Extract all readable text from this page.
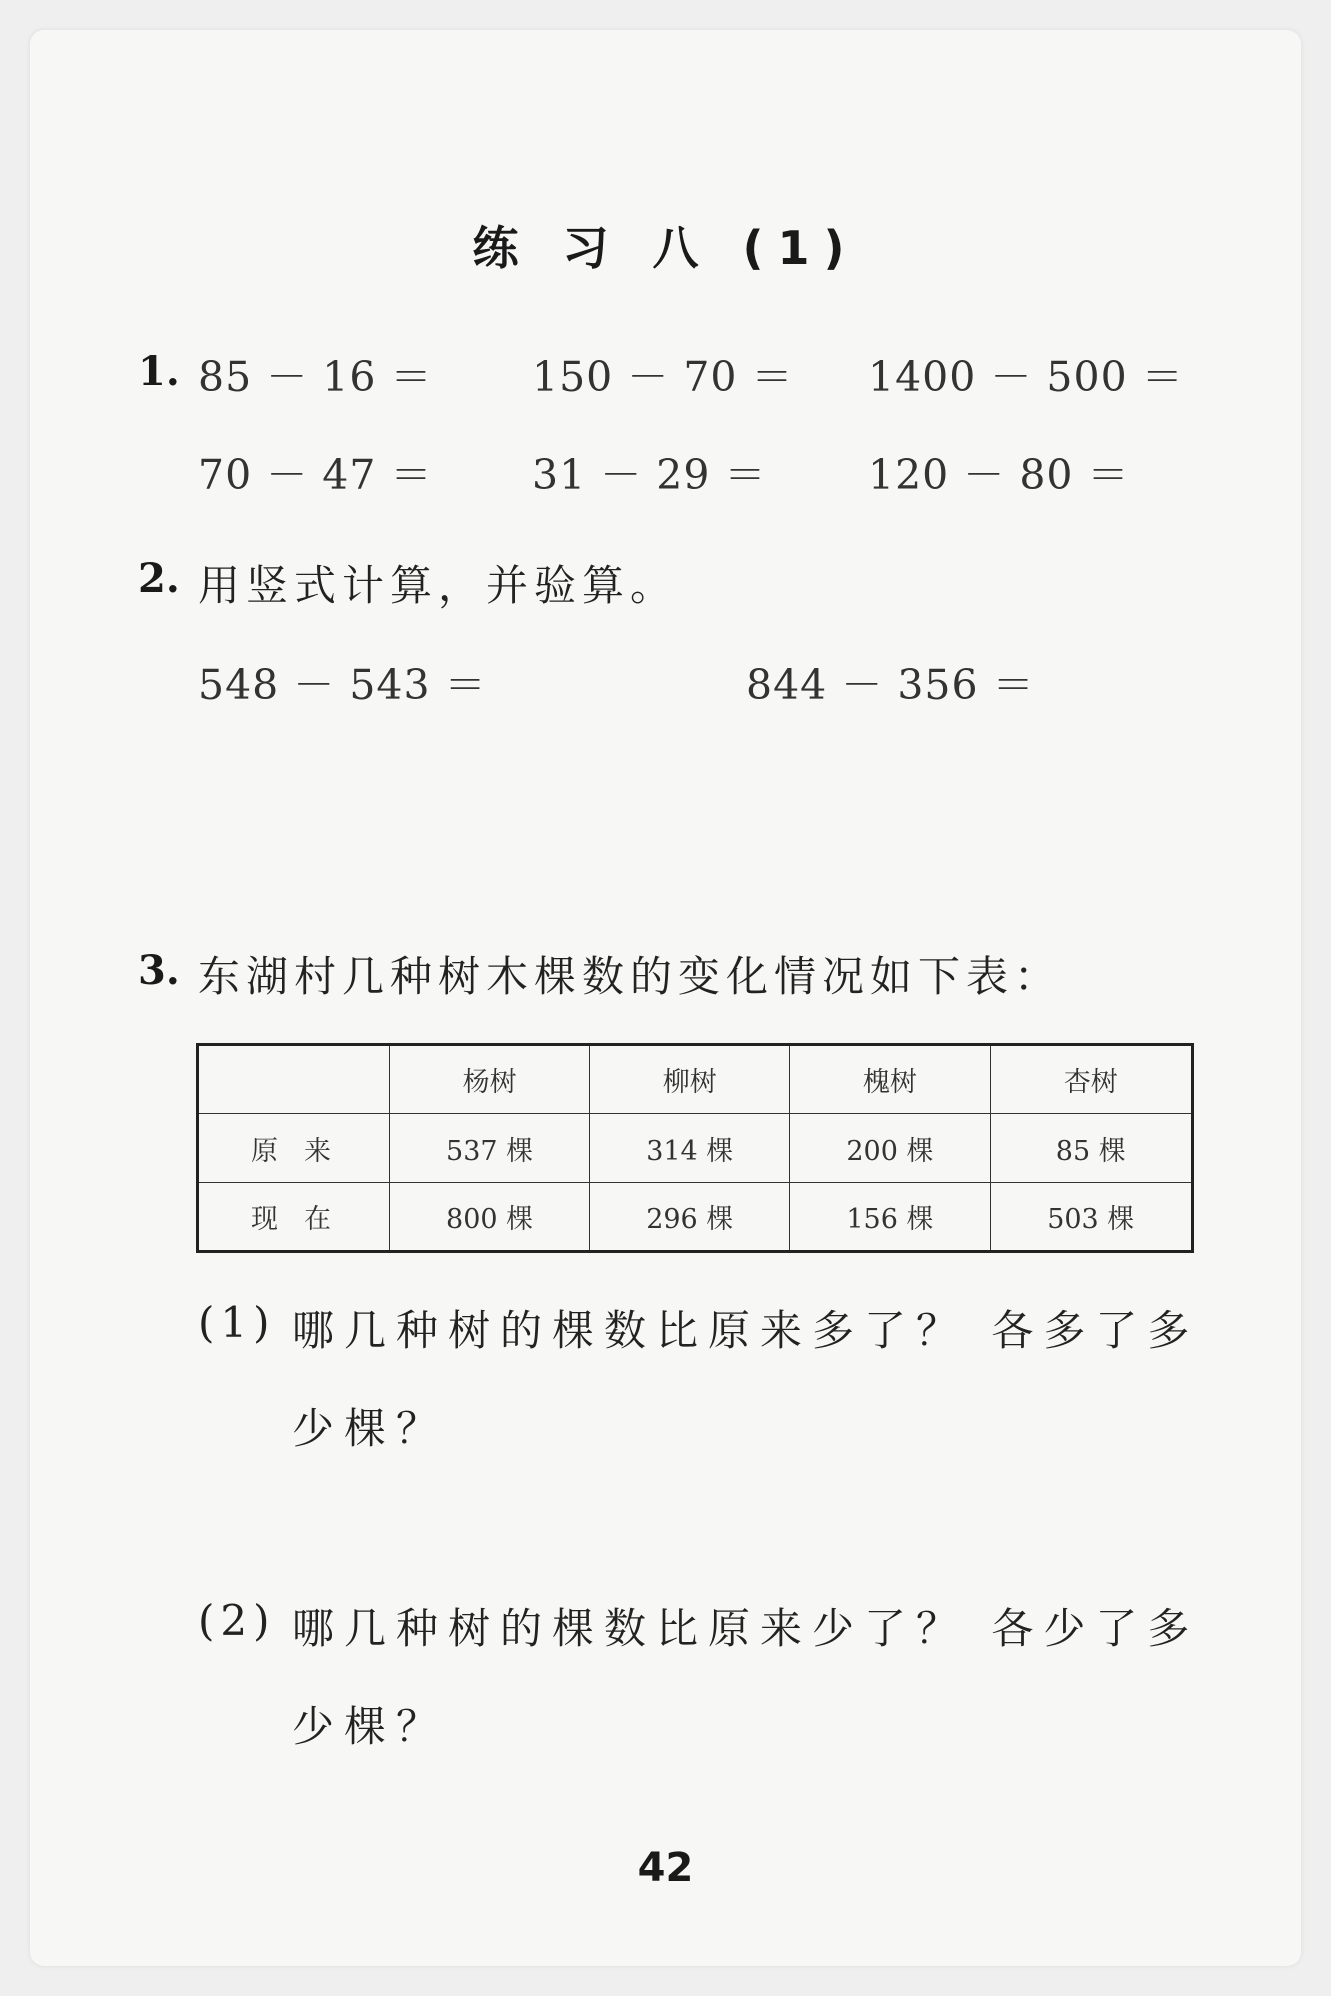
练 习 八 (1)
1. 85 － 16 ＝ 150 － 70 ＝ 1400 － 500 ＝
70 － 47 ＝ 31 － 29 ＝ 120 － 80 ＝
2. 用竖式计算，并验算。
548 － 543 ＝	844 － 356 ＝
3. 东湖村几种树木棵数的变化情况如下表：
	杨树	柳树	槐树	杏树
原来	537 棵	314 棵	200 棵	85 棵
现在	800 棵	296 棵	156 棵	503 棵
(1) 哪几种树的棵数比原来多了？ 各多了多
少棵？
(2) 哪几种树的棵数比原来少了？ 各少了多
少棵？
42
